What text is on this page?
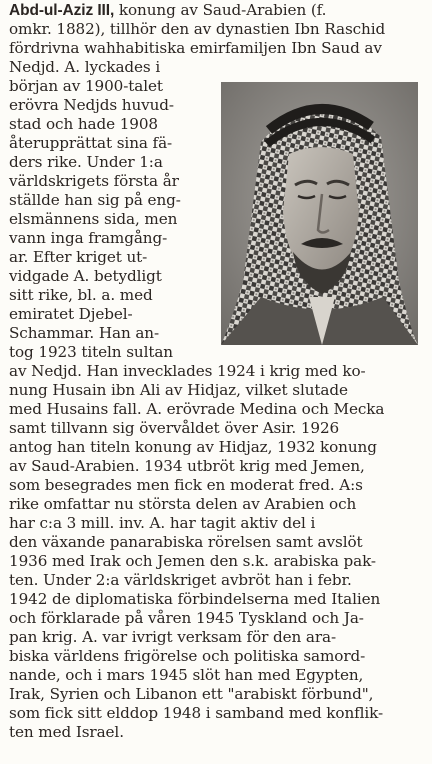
Abd-ul-Aziz III, konung av Saud-Arabien (f.
omkr. 1882), tillhör den av dynastien Ibn Raschid
fördrivna wahhabitiska emirfamiljen Ibn Saud av
Nedjd. A. lyckades i
början av 1900-talet
erövra Nedjds huvud-
stad och hade 1908
återupprättat sina fä-
ders rike. Under 1:a
världskrigets första år
ställde han sig på eng-
elsmännens sida, men
vann inga framgång-
ar. Efter kriget ut-
vidgade A. betydligt
sitt rike, bl. a. med
emiratet Djebel-
Schammar. Han an-
tog 1923 titeln sultan
av Nedjd. Han invecklades 1924 i krig med ko-
nung Husain ibn Ali av Hidjaz, vilket slutade
med Husains fall. A. erövrade Medina och Mecka
samt tillvann sig övervåldet över Asir. 1926
antog han titeln konung av Hidjaz, 1932 konung
av Saud-Arabien. 1934 utbröt krig med Jemen,
som besegrades men fick en moderat fred. A:s
rike omfattar nu största delen av Arabien och
har c:a 3 mill. inv. A. har tagit aktiv del i
den växande panarabiska rörelsen samt avslöt
1936 med Irak och Jemen den s.k. arabiska pak-
ten. Under 2:a världskriget avbröt han i febr.
1942 de diplomatiska förbindelserna med Italien
och förklarade på våren 1945 Tyskland och Ja-
pan krig. A. var ivrigt verksam för den ara-
biska världens frigörelse och politiska samord-
nande, och i mars 1945 slöt han med Egypten,
Irak, Syrien och Libanon ett "arabiskt förbund",
som fick sitt elddop 1948 i samband med konflik-
ten med Israel.
